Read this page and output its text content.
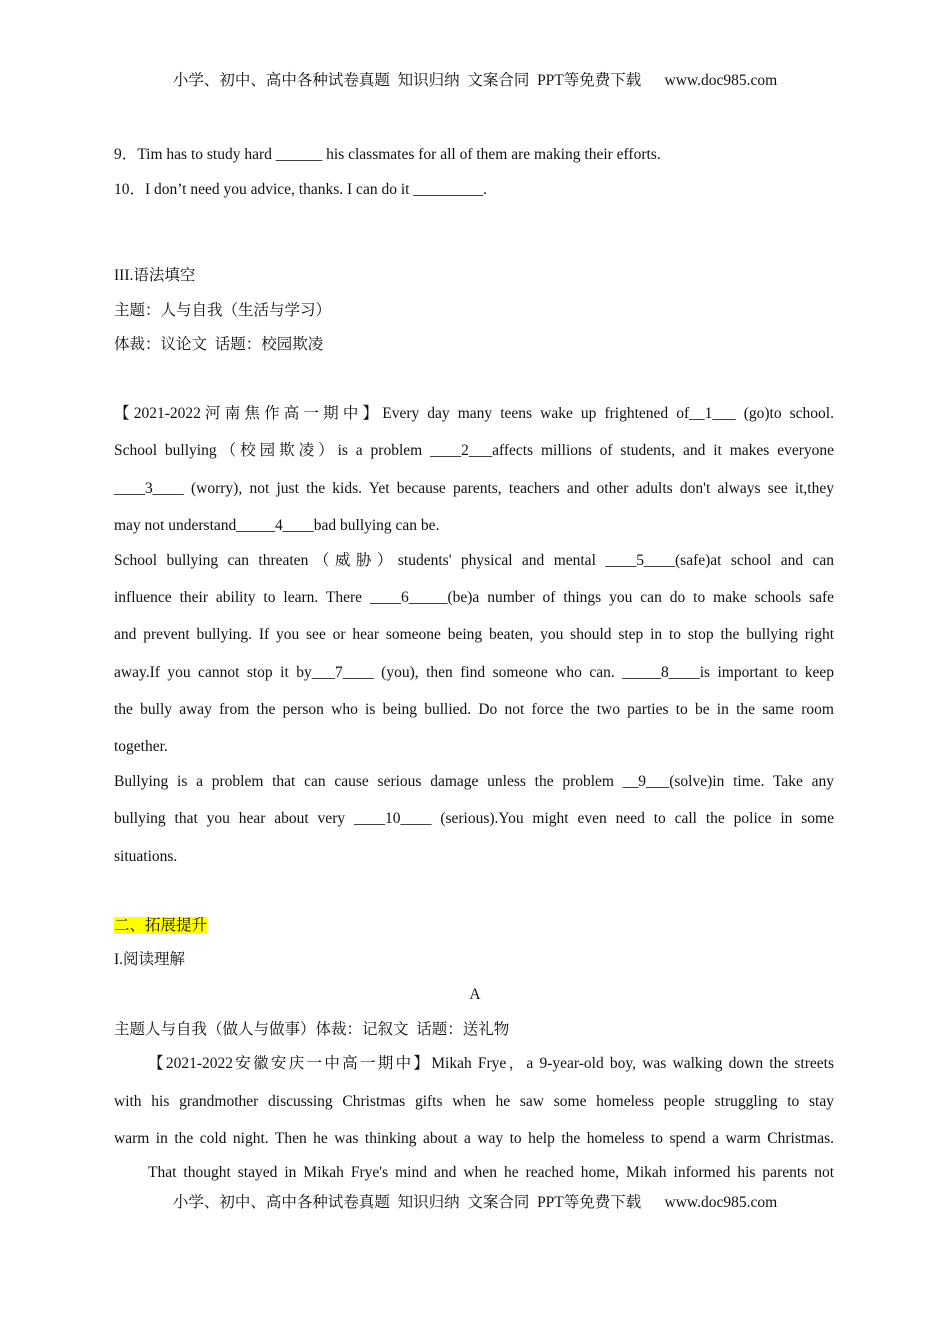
小学、初中、高中各种试卷真题  知识归纳  文案合同  PPT等免费下载      www.doc985.com
9．Tim has to study hard ______ his classmates for all of them are making their efforts.
10．I don’t need you advice, thanks. I can do it _________.
III.语法填空
主题：人与自我（生活与学习）
体裁：议论文  话题：校园欺凌
【2021-2022河南焦作高一期中】Every day many teens wake up frightened of__1___ (go)to school.
School bullying（校园欺凌）is a problem ____2___affects millions of students, and it makes everyone
____3____ (worry), not just the kids. Yet because parents, teachers and other adults don't always see it,they
may not understand_____4____bad bullying can be.
School bullying can threaten（威胁）students' physical and mental ____5____(safe)at school and can
influence their ability to learn. There ____6_____(be)a number of things you can do to make schools safe
and prevent bullying. If you see or hear someone being beaten, you should step in to stop the bullying right
away.If you cannot stop it by___7____ (you), then find someone who can. _____8____is important to keep
the bully away from the person who is being bullied. Do not force the two parties to be in the same room
together.
Bullying is a problem that can cause serious damage unless the problem __9___(solve)in time. Take any
bullying that you hear about very ____10____ (serious).You might even need to call the police in some
situations.
二、拓展提升
I.阅读理解
A
主题人与自我（做人与做事）体裁：记叙文  话题：送礼物
【2021-2022安徽安庆一中高一期中】Mikah Frye，a 9-year-old boy, was walking down the streets
with his grandmother discussing Christmas gifts when he saw some homeless people struggling to stay
warm in the cold night. Then he was thinking about a way to help the homeless to spend a warm Christmas.
That thought stayed in Mikah Frye's mind and when he reached home, Mikah informed his parents not
小学、初中、高中各种试卷真题  知识归纳  文案合同  PPT等免费下载      www.doc985.com
